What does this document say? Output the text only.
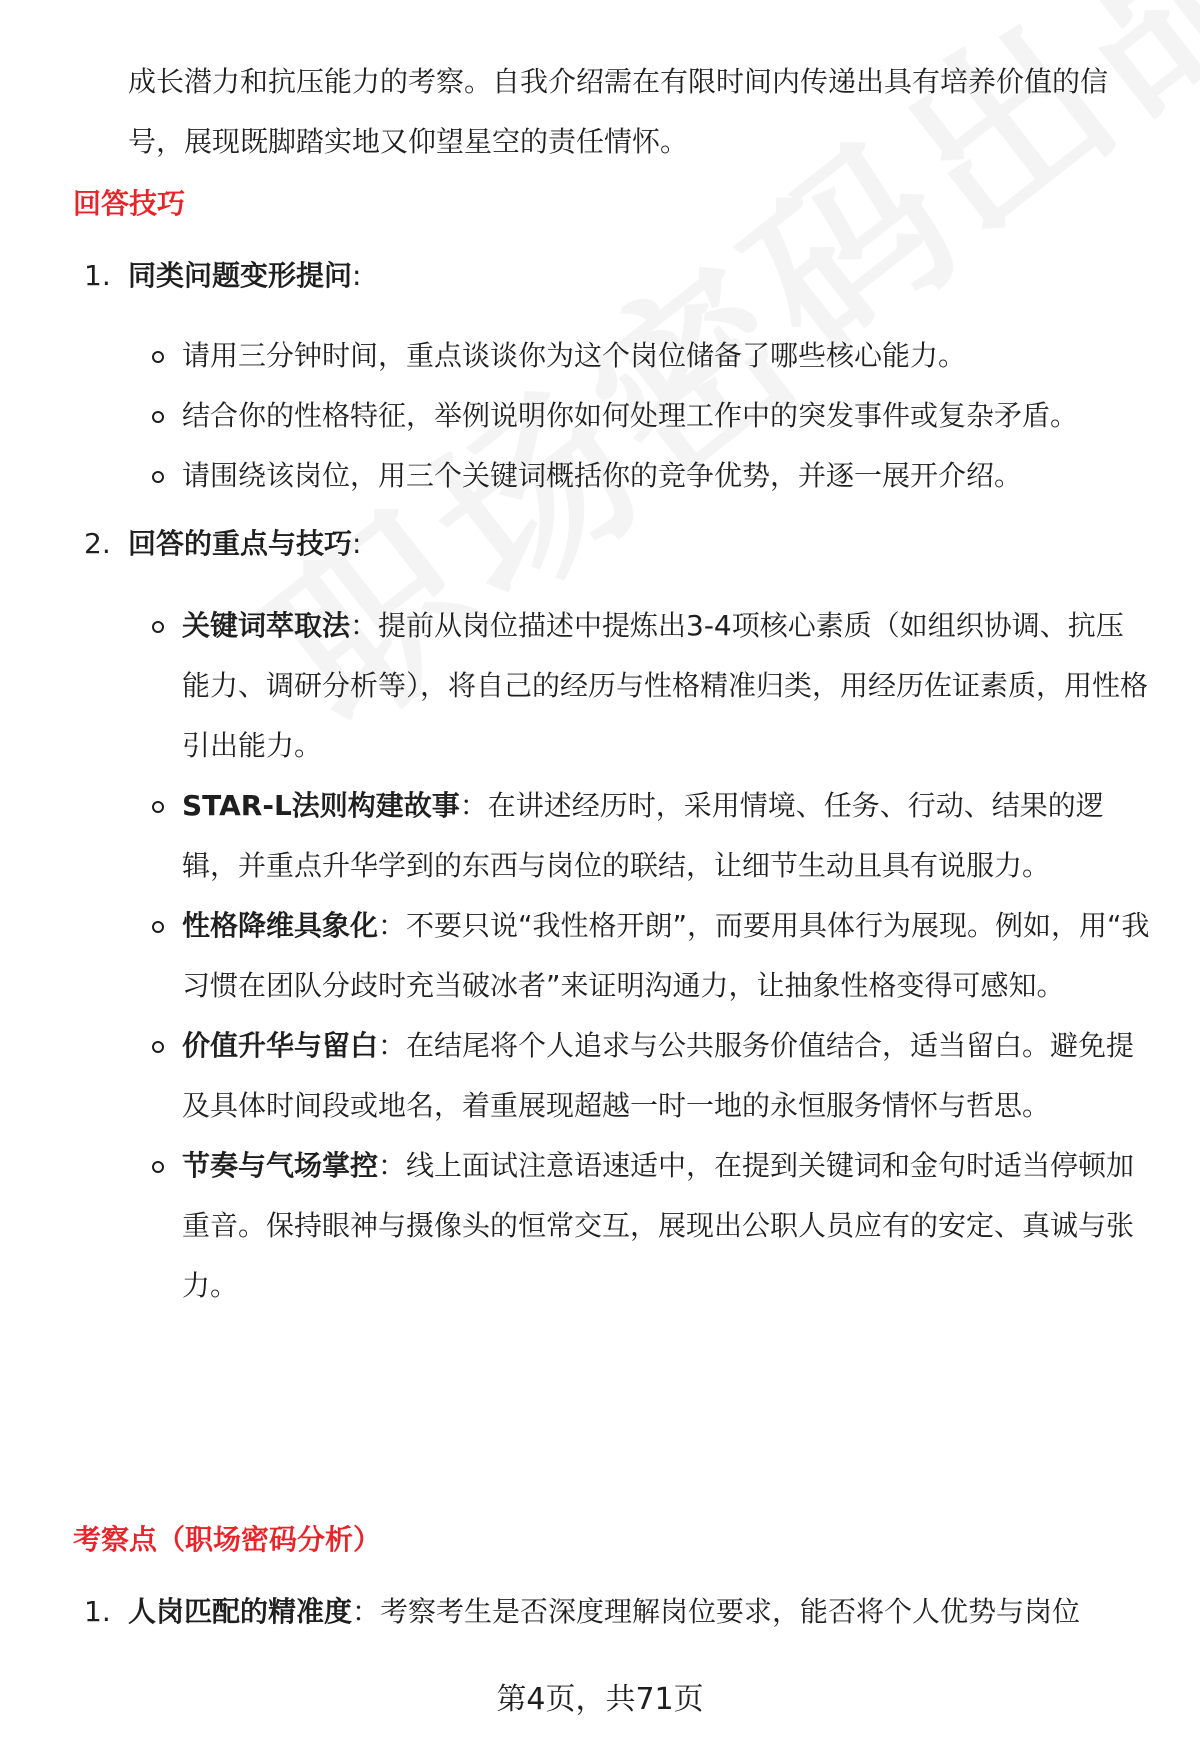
成长潜力和抗压能力的考察。自我介绍需在有限时间内传递出具有培养价值的信号，展现既脚踏实地又仰望星空的责任情怀。
回答技巧
1. 同类问题变形提问:
请用三分钟时间，重点谈谈你为这个岗位储备了哪些核心能力。
结合你的性格特征，举例说明你如何处理工作中的突发事件或复杂矛盾。
请围绕该岗位，用三个关键词概括你的竞争优势，并逐一展开介绍。
2. 回答的重点与技巧:
关键词萃取法：提前从岗位描述中提炼出3-4项核心素质（如组织协调、抗压能力、调研分析等），将自己的经历与性格精准归类，用经历佐证素质，用性格引出能力。
STAR-L法则构建故事：在讲述经历时，采用情境、任务、行动、结果的逻辑，并重点升华学到的东西与岗位的联结，让细节生动且具有说服力。
性格降维具象化：不要只说“我性格开朗”，而要用具体行为展现。例如，用“我习惯在团队分歧时充当破冰者”来证明沟通力，让抽象性格变得可感知。
价值升华与留白：在结尾将个人追求与公共服务价值结合，适当留白。避免提及具体时间段或地名，着重展现超越一时一地的永恒服务情怀与哲思。
节奏与气场掌控：线上面试注意语速适中，在提到关键词和金句时适当停顿加重音。保持眼神与摄像头的恒常交互，展现出公职人员应有的安定、真诚与张力。
考察点（职场密码分析）
1. 人岗匹配的精准度：考察考生是否深度理解岗位要求，能否将个人优势与岗位
第4页，共71页
